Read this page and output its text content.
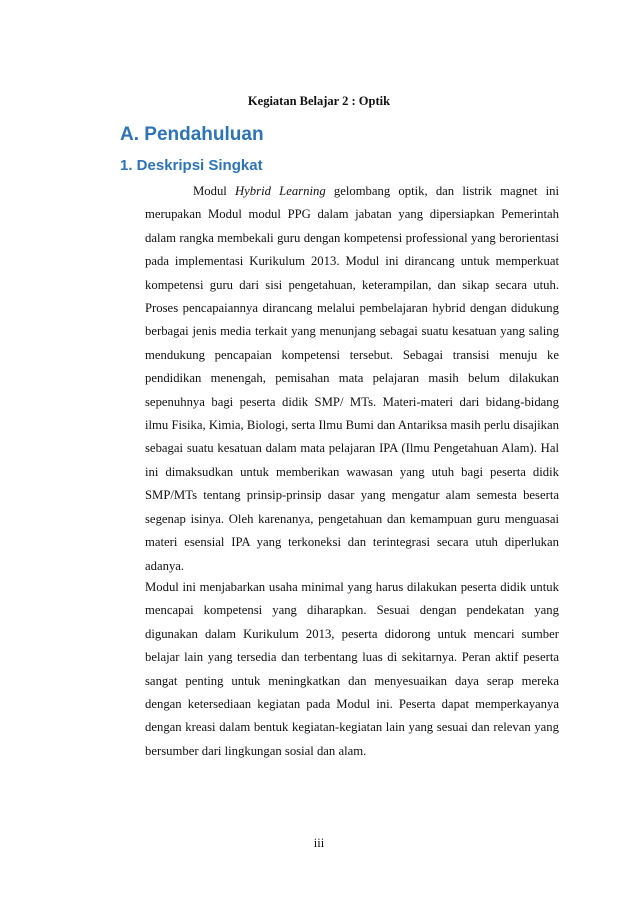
Kegiatan Belajar 2 : Optik
A. Pendahuluan
1. Deskripsi Singkat

Modul Hybrid Learning gelombang optik, dan listrik magnet ini merupakan Modul modul PPG dalam jabatan yang dipersiapkan Pemerintah dalam rangka membekali guru dengan kompetensi professional yang berorientasi pada implementasi Kurikulum 2013. Modul ini dirancang untuk memperkuat kompetensi guru dari sisi pengetahuan, keterampilan, dan sikap secara utuh. Proses pencapaiannya dirancang melalui pembelajaran hybrid dengan didukung berbagai jenis media terkait yang menunjang sebagai suatu kesatuan yang saling mendukung pencapaian kompetensi tersebut. Sebagai transisi menuju ke pendidikan menengah, pemisahan mata pelajaran masih belum dilakukan sepenuhnya bagi peserta didik SMP/ MTs. Materi-materi dari bidang-bidang ilmu Fisika, Kimia, Biologi, serta Ilmu Bumi dan Antariksa masih perlu disajikan sebagai suatu kesatuan dalam mata pelajaran IPA (Ilmu Pengetahuan Alam). Hal ini dimaksudkan untuk memberikan wawasan yang utuh bagi peserta didik SMP/MTs tentang prinsip-prinsip dasar yang mengatur alam semesta beserta segenap isinya. Oleh karenanya, pengetahuan dan kemampuan guru menguasai materi esensial IPA yang terkoneksi dan terintegrasi secara utuh diperlukan adanya.

Modul ini menjabarkan usaha minimal yang harus dilakukan peserta didik untuk mencapai kompetensi yang diharapkan. Sesuai dengan pendekatan yang digunakan dalam Kurikulum 2013, peserta didorong untuk mencari sumber belajar lain yang tersedia dan terbentang luas di sekitarnya. Peran aktif peserta sangat penting untuk meningkatkan dan menyesuaikan daya serap mereka dengan ketersediaan kegiatan pada Modul ini. Peserta dapat memperkayanya dengan kreasi dalam bentuk kegiatan-kegiatan lain yang sesuai dan relevan yang bersumber dari lingkungan sosial dan alam.

iii
